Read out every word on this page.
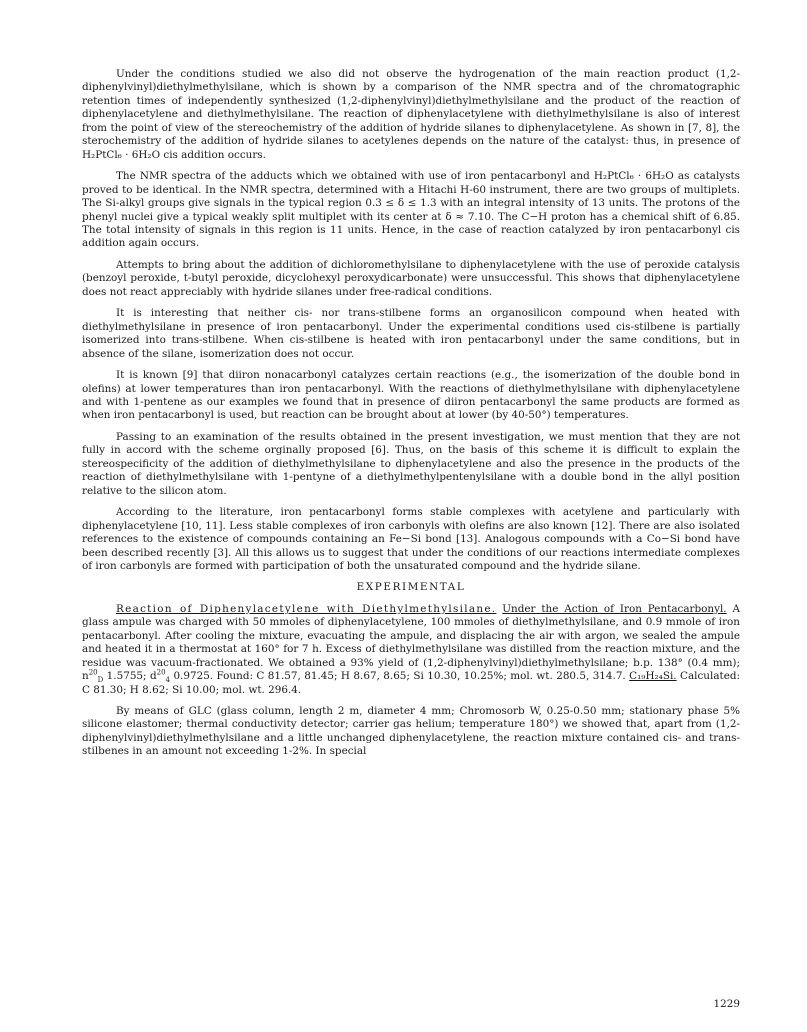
Under the conditions studied we also did not observe the hydrogenation of the main reaction product (1,2-diphenylvinyl)diethylmethylsilane, which is shown by a comparison of the NMR spectra and of the chromatographic retention times of independently synthesized (1,2-diphenylvinyl)diethylmethylsilane and the product of the reaction of diphenylacetylene and diethylmethylsilane. The reaction of diphenylacetylene with diethylmethylsilane is also of interest from the point of view of the stereochemistry of the addition of hydride silanes to diphenylacetylene. As shown in [7, 8], the sterochemistry of the addition of hydride silanes to acetylenes depends on the nature of the catalyst: thus, in presence of H₂PtCl₆ · 6H₂O cis addition occurs.

The NMR spectra of the adducts which we obtained with use of iron pentacarbonyl and H₂PtCl₆ · 6H₂O as catalysts proved to be identical. In the NMR spectra, determined with a Hitachi H-60 instrument, there are two groups of multiplets. The Si-alkyl groups give signals in the typical region 0.3 ≤ δ ≤ 1.3 with an integral intensity of 13 units. The protons of the phenyl nuclei give a typical weakly split multiplet with its center at δ ≈ 7.10. The C−H proton has a chemical shift of 6.85. The total intensity of signals in this region is 11 units. Hence, in the case of reaction catalyzed by iron pentacarbonyl cis addition again occurs.

Attempts to bring about the addition of dichloromethylsilane to diphenylacetylene with the use of peroxide catalysis (benzoyl peroxide, t-butyl peroxide, dicyclohexyl peroxydicarbonate) were unsuccessful. This shows that diphenylacetylene does not react appreciably with hydride silanes under free-radical conditions.

It is interesting that neither cis- nor trans-stilbene forms an organosilicon compound when heated with diethylmethylsilane in presence of iron pentacarbonyl. Under the experimental conditions used cis-stilbene is partially isomerized into trans-stilbene. When cis-stilbene is heated with iron pentacarbonyl under the same conditions, but in absence of the silane, isomerization does not occur.

It is known [9] that diiron nonacarbonyl catalyzes certain reactions (e.g., the isomerization of the double bond in olefins) at lower temperatures than iron pentacarbonyl. With the reactions of diethylmethylsilane with diphenylacetylene and with 1-pentene as our examples we found that in presence of diiron pentacarbonyl the same products are formed as when iron pentacarbonyl is used, but reaction can be brought about at lower (by 40-50°) temperatures.

Passing to an examination of the results obtained in the present investigation, we must mention that they are not fully in accord with the scheme orginally proposed [6]. Thus, on the basis of this scheme it is difficult to explain the stereospecificity of the addition of diethylmethylsilane to diphenylacetylene and also the presence in the products of the reaction of diethylmethylsilane with 1-pentyne of a diethylmethylpentenylsilane with a double bond in the allyl position relative to the silicon atom.

According to the literature, iron pentacarbonyl forms stable complexes with acetylene and particularly with diphenylacetylene [10, 11]. Less stable complexes of iron carbonyls with olefins are also known [12]. There are also isolated references to the existence of compounds containing an Fe−Si bond [13]. Analogous compounds with a Co−Si bond have been described recently [3]. All this allows us to suggest that under the conditions of our reactions intermediate complexes of iron carbonyls are formed with participation of both the unsaturated compound and the hydride silane.

EXPERIMENTAL

Reaction of Diphenylacetylene with Diethylmethylsilane. Under the Action of Iron Pentacarbonyl. A glass ampule was charged with 50 mmoles of diphenylacetylene, 100 mmoles of diethylmethylsilane, and 0.9 mmole of iron pentacarbonyl. After cooling the mixture, evacuating the ampule, and displacing the air with argon, we sealed the ampule and heated it in a thermostat at 160° for 7 h. Excess of diethylmethylsilane was distilled from the reaction mixture, and the residue was vacuum-fractionated. We obtained a 93% yield of (1,2-diphenylvinyl)diethylmethylsilane; b.p. 138° (0.4 mm); $n^{20}_D$ 1.5755; $d^{20}_4$ 0.9725. Found: C 81.57, 81.45; H 8.67, 8.65; Si 10.30, 10.25%; mol. wt. 280.5, 314.7. C₁₉H₂₄Si. Calculated: C 81.30; H 8.62; Si 10.00; mol. wt. 296.4.

By means of GLC (glass column, length 2 m, diameter 4 mm; Chromosorb W, 0.25-0.50 mm; stationary phase 5% silicone elastomer; thermal conductivity detector; carrier gas helium; temperature 180°) we showed that, apart from (1,2-diphenylvinyl)diethylmethylsilane and a little unchanged diphenylacetylene, the reaction mixture contained cis- and trans-stilbenes in an amount not exceeding 1-2%. In special

1229
